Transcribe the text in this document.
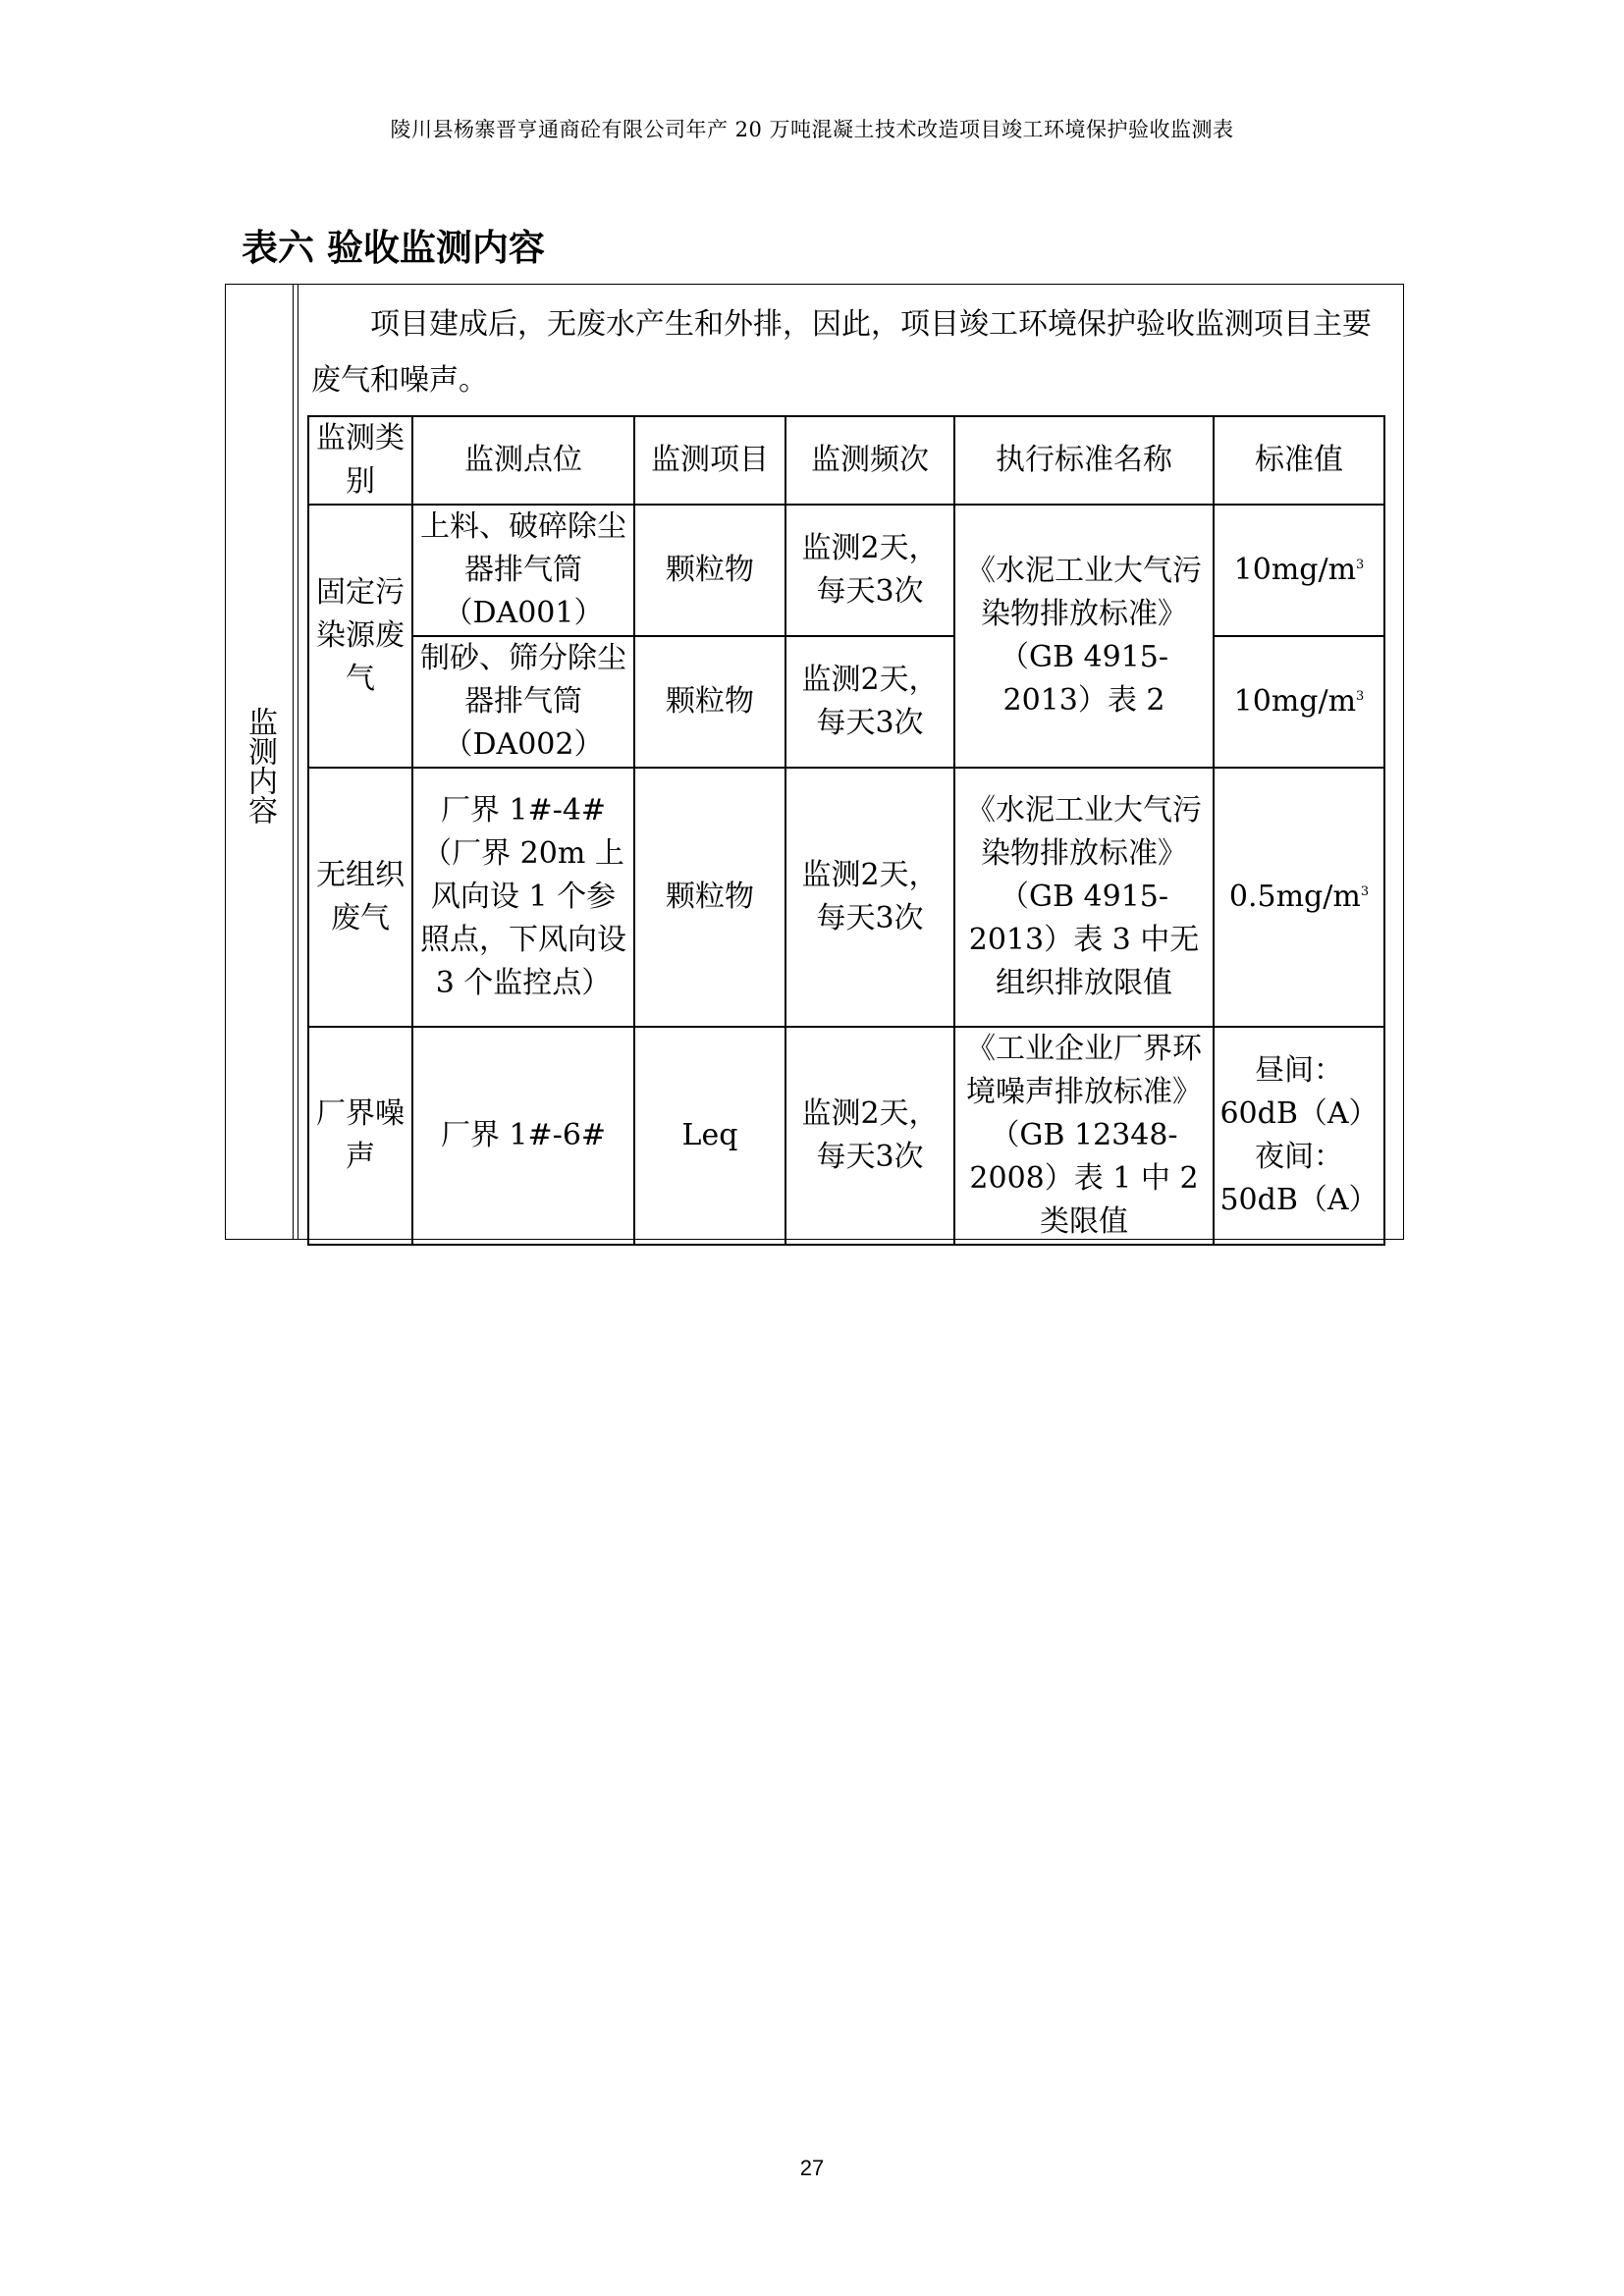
陵川县杨寨晋亨通商砼有限公司年产 20 万吨混凝土技术改造项目竣工环境保护验收监测表
表六 验收监测内容
监测内容
项目建成后，无废水产生和外排，因此，项目竣工环境保护验收监测项目主要废气和噪声。
监测类别	监测点位	监测项目	监测频次	执行标准名称	标准值
固定污染源废气	上料、破碎除尘器排气筒（DA001）	颗粒物	监测2天，每天3次	《水泥工业大气污染物排放标准》（GB 4915-2013）表 2	$10mg/m^3$
	制砂、筛分除尘器排气筒（DA002）	颗粒物	监测2天，每天3次		$10mg/m^3$
无组织废气	厂界 1#-4#（厂界 20m 上风向设 1 个参照点，下风向设 3 个监控点）	颗粒物	监测2天，每天3次	《水泥工业大气污染物排放标准》（GB 4915-2013）表 3 中无组织排放限值	$0.5mg/m^3$
厂界噪声	厂界 1#-6#	Leq	监测2天，每天3次	《工业企业厂界环境噪声排放标准》（GB 12348-2008）表 1 中 2 类限值	昼间：
60dB（A）
夜间：
50dB（A）
27
